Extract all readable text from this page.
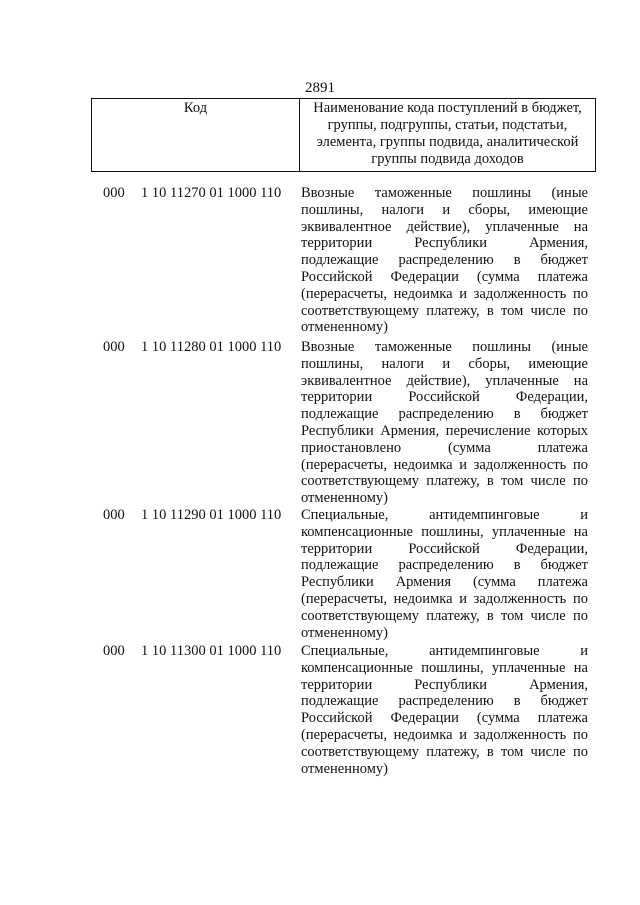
2891
Код	Наименование кода поступлений в бюджет,
группы, подгруппы, статьи, подстатьи,
элемента, группы подвида, аналитической
группы подвида доходов
000 1 10 11270 01 1000 110 Ввозные таможенные пошлины (иные
пошлины, налоги и сборы, имеющие
эквивалентное действие), уплаченные на
территории Республики Армения,
подлежащие распределению в бюджет
Российской Федерации (сумма платежа
(перерасчеты, недоимка и задолженность по
соответствующему платежу, в том числе по
отмененному)
000 1 10 11280 01 1000 110 Ввозные таможенные пошлины (иные
пошлины, налоги и сборы, имеющие
эквивалентное действие), уплаченные на
территории Российской Федерации,
подлежащие распределению в бюджет
Республики Армения, перечисление которых
приостановлено (сумма платежа
(перерасчеты, недоимка и задолженность по
соответствующему платежу, в том числе по
отмененному)
000 1 10 11290 01 1000 110 Специальные, антидемпинговые и
компенсационные пошлины, уплаченные на
территории Российской Федерации,
подлежащие распределению в бюджет
Республики Армения (сумма платежа
(перерасчеты, недоимка и задолженность по
соответствующему платежу, в том числе по
отмененному)
000 1 10 11300 01 1000 110 Специальные, антидемпинговые и
компенсационные пошлины, уплаченные на
территории Республики Армения,
подлежащие распределению в бюджет
Российской Федерации (сумма платежа
(перерасчеты, недоимка и задолженность по
соответствующему платежу, в том числе по
отмененному)
